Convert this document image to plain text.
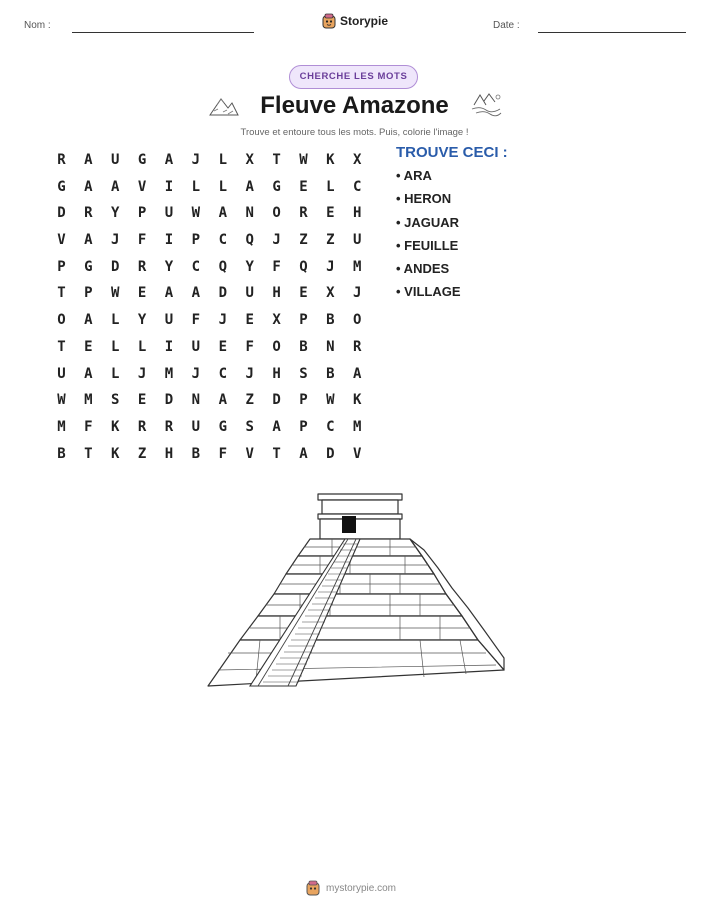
Nom :	Storypie	Date :
CHERCHE LES MOTS
Fleuve Amazone
Trouve et entoure tous les mots. Puis, colorie l'image !
R	A	U	G	A	J	L	X	T	W	K	X
G	A	A	V	I	L	L	A	G	E	L	C
D	R	Y	P	U	W	A	N	O	R	E	H
V	A	J	F	I	P	C	Q	J	Z	Z	U
P	G	D	R	Y	C	Q	Y	F	Q	J	M
T	P	W	E	A	A	D	U	H	E	X	J
O	A	L	Y	U	F	J	E	X	P	B	O
T	E	L	L	I	U	E	F	O	B	N	R
U	A	L	J	M	J	C	J	H	S	B	A
W	M	S	E	D	N	A	Z	D	P	W	K
M	F	K	R	R	U	G	S	A	P	C	M
B	T	K	Z	H	B	F	V	T	A	D	V
TROUVE CECI :
• ARA
• HERON
• JAGUAR
• FEUILLE
• ANDES
• VILLAGE
mystorypie.com
